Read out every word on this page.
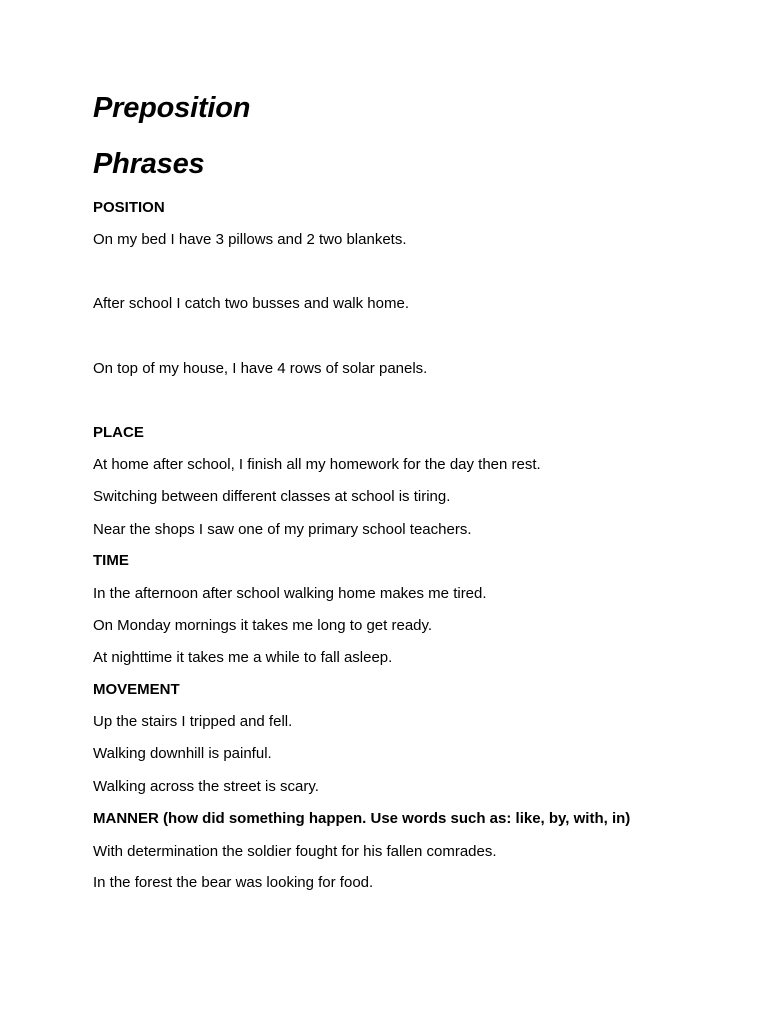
Preposition
Phrases
POSITION
On my bed I have 3 pillows and 2 two blankets.
After school I catch two busses and walk home.
On top of my house, I have 4 rows of solar panels.
PLACE
At home after school, I finish all my homework for the day then rest.
Switching between different classes at school is tiring.
Near the shops I saw one of my primary school teachers.
TIME
In the afternoon after school walking home makes me tired.
On Monday mornings it takes me long to get ready.
At nighttime it takes me a while to fall asleep.
MOVEMENT
Up the stairs I tripped and fell.
Walking downhill is painful.
Walking across the street is scary.
MANNER (how did something happen. Use words such as: like, by, with, in)
With determination the soldier fought for his fallen comrades.
In the forest the bear was looking for food.
